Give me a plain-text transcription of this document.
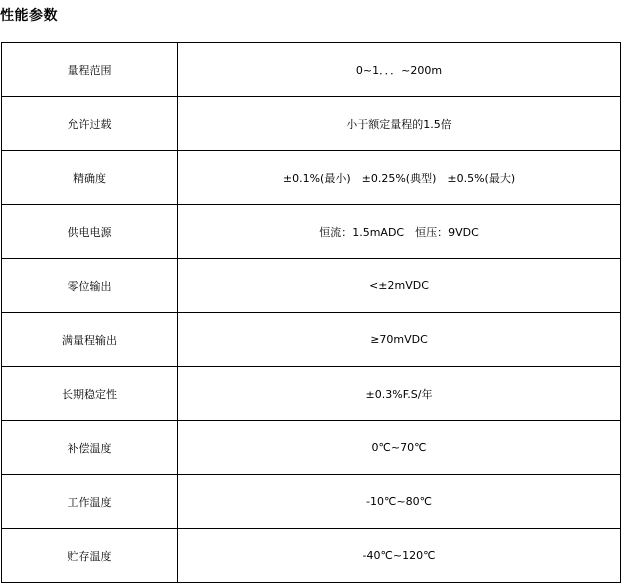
性能参数
量程范围	0~1．．．~200m
允许过载	小于额定量程的1.5倍
精确度	±0.1%(最小)　±0.25%(典型)　±0.5%(最大)
供电电源	恒流：1.5mADC　恒压：9VDC
零位输出	<±2mVDC
满量程输出	≥70mVDC
长期稳定性	±0.3%F.S/年
补偿温度	0℃~70℃
工作温度	-10℃~80℃
贮存温度	-40℃~120℃
